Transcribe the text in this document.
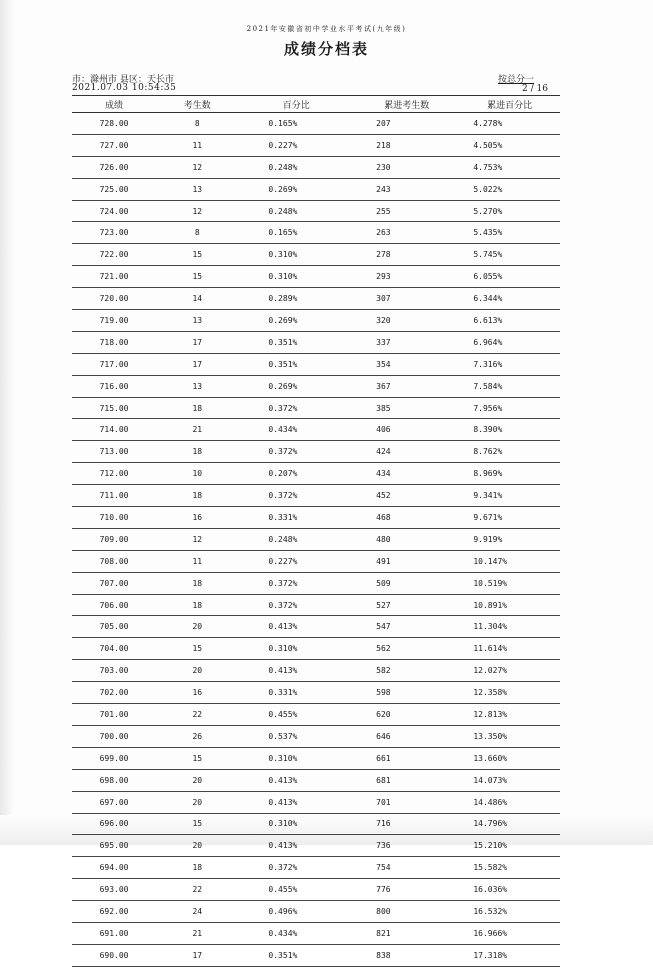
2021年安徽省初中学业水平考试(九年级)
成绩分档表
市：滁州市 县区：天长市
2021.07.03 10:54:35
按总分一
2 / 16
成绩	考生数	百分比	累进考生数	累进百分比
728.00	8	0.165%	207	4.278%
727.00	11	0.227%	218	4.505%
726.00	12	0.248%	230	4.753%
725.00	13	0.269%	243	5.022%
724.00	12	0.248%	255	5.270%
723.00	8	0.165%	263	5.435%
722.00	15	0.310%	278	5.745%
721.00	15	0.310%	293	6.055%
720.00	14	0.289%	307	6.344%
719.00	13	0.269%	320	6.613%
718.00	17	0.351%	337	6.964%
717.00	17	0.351%	354	7.316%
716.00	13	0.269%	367	7.584%
715.00	18	0.372%	385	7.956%
714.00	21	0.434%	406	8.390%
713.00	18	0.372%	424	8.762%
712.00	10	0.207%	434	8.969%
711.00	18	0.372%	452	9.341%
710.00	16	0.331%	468	9.671%
709.00	12	0.248%	480	9.919%
708.00	11	0.227%	491	10.147%
707.00	18	0.372%	509	10.519%
706.00	18	0.372%	527	10.891%
705.00	20	0.413%	547	11.304%
704.00	15	0.310%	562	11.614%
703.00	20	0.413%	582	12.027%
702.00	16	0.331%	598	12.358%
701.00	22	0.455%	620	12.813%
700.00	26	0.537%	646	13.350%
699.00	15	0.310%	661	13.660%
698.00	20	0.413%	681	14.073%
697.00	20	0.413%	701	14.486%
696.00	15	0.310%	716	14.796%
695.00	20	0.413%	736	15.210%
694.00	18	0.372%	754	15.582%
693.00	22	0.455%	776	16.036%
692.00	24	0.496%	800	16.532%
691.00	21	0.434%	821	16.966%
690.00	17	0.351%	838	17.318%
